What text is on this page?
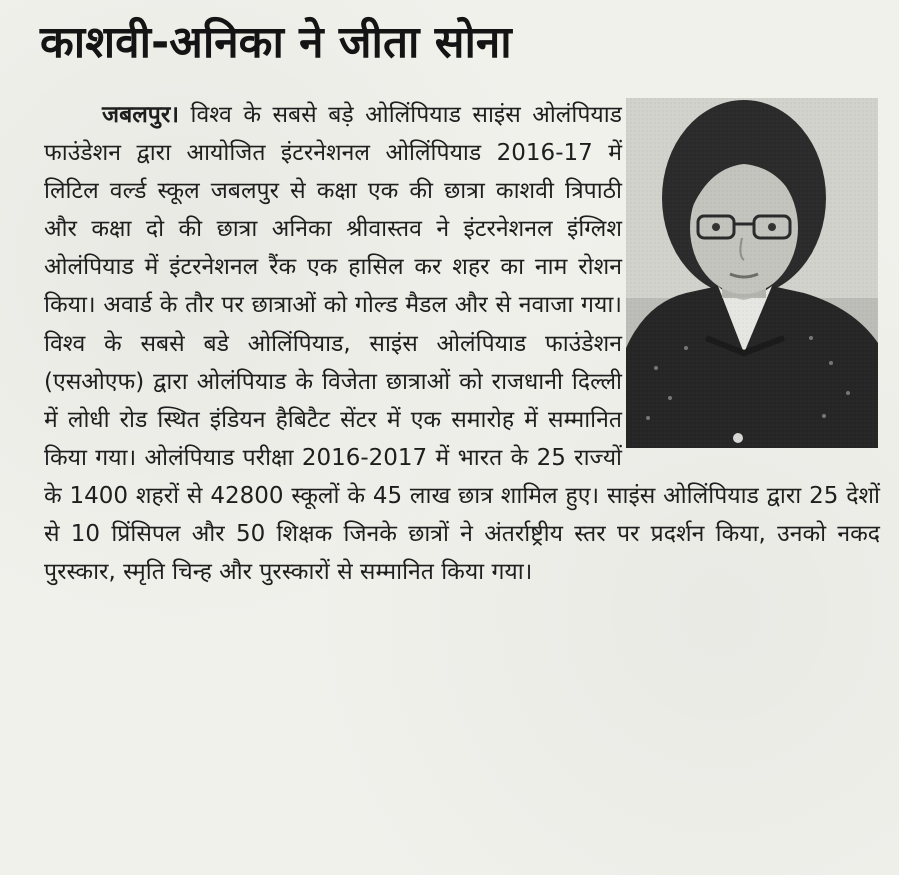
काशवी-अनिका ने जीता सोना

जबलपुर। विश्व के सबसे बड़े ओलिंपियाड साइंस ओलंपियाड फाउंडेशन द्वारा आयोजित इंटरनेशनल ओलिंपियाड 2016-17 में लिटिल वर्ल्ड स्कूल जबलपुर से कक्षा एक की छात्रा काशवी त्रिपाठी और कक्षा दो की छात्रा अनिका श्रीवास्तव ने इंटरनेशनल इंग्लिश ओलंपियाड में इंटरनेशनल रैंक एक हासिल कर शहर का नाम रोशन किया। अवार्ड के तौर पर छात्राओं को गोल्ड मैडल और से नवाजा गया। विश्व के सबसे बडे ओलिंपियाड, साइंस ओलंपियाड फाउंडेशन (एसओएफ) द्वारा ओलंपियाड के विजेता छात्राओं को राजधानी दिल्ली में लोधी रोड स्थित इंडियन हैबिटैट सेंटर में एक समारोह में सम्मानित किया गया। ओलंपियाड परीक्षा 2016-2017 में भारत के 25 राज्यों के 1400 शहरों से 42800 स्कूलों के 45 लाख छात्र शामिल हुए। साइंस ओलिंपियाड द्वारा 25 देशों से 10 प्रिंसिपल और 50 शिक्षक जिनके छात्रों ने अंतर्राष्ट्रीय स्तर पर प्रदर्शन किया, उनको नकद पुरस्कार, स्मृति चिन्ह और पुरस्कारों से सम्मानित किया गया।
